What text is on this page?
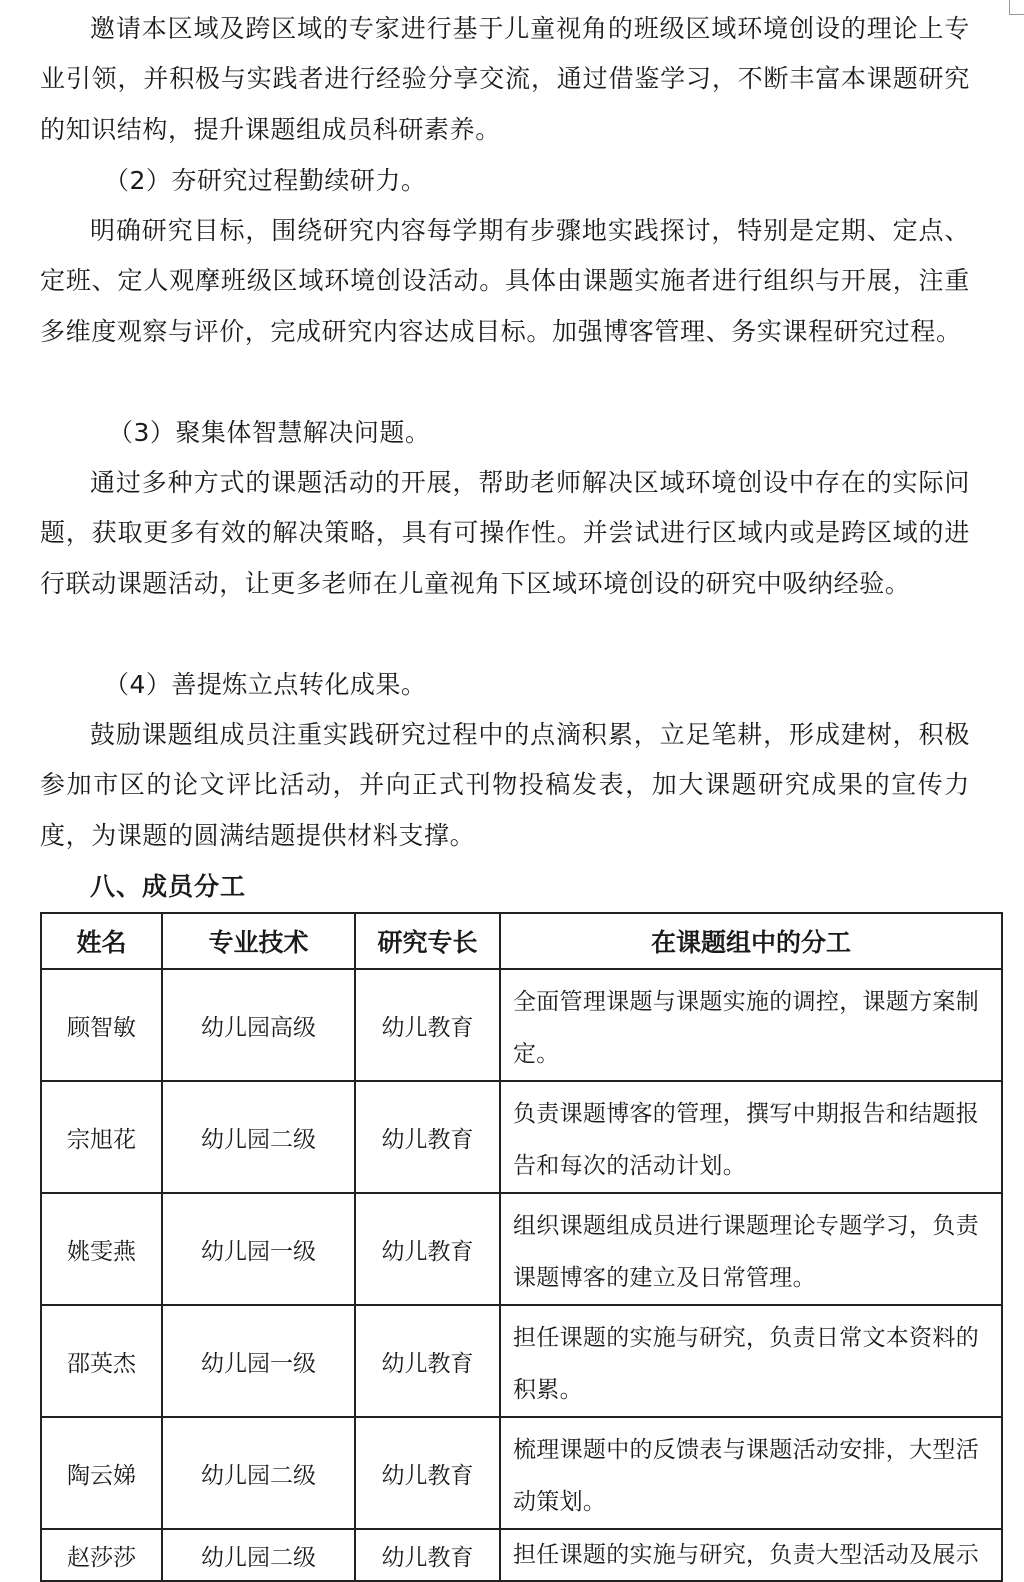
邀请本区域及跨区域的专家进行基于儿童视角的班级区域环境创设的理论上专业引领，并积极与实践者进行经验分享交流，通过借鉴学习，不断丰富本课题研究的知识结构，提升课题组成员科研素养。

（2）夯研究过程勤续研力。

明确研究目标，围绕研究内容每学期有步骤地实践探讨，特别是定期、定点、定班、定人观摩班级区域环境创设活动。具体由课题实施者进行组织与开展，注重多维度观察与评价，完成研究内容达成目标。加强博客管理、务实课程研究过程。

（3）聚集体智慧解决问题。

通过多种方式的课题活动的开展，帮助老师解决区域环境创设中存在的实际问题，获取更多有效的解决策略，具有可操作性。并尝试进行区域内或是跨区域的进行联动课题活动，让更多老师在儿童视角下区域环境创设的研究中吸纳经验。

（4）善提炼立点转化成果。

鼓励课题组成员注重实践研究过程中的点滴积累，立足笔耕，形成建树，积极参加市区的论文评比活动，并向正式刊物投稿发表，加大课题研究成果的宣传力度，为课题的圆满结题提供材料支撑。

八、成员分工
姓名	专业技术	研究专长	在课题组中的分工
顾智敏	幼儿园高级	幼儿教育	全面管理课题与课题实施的调控，课题方案制定。
宗旭花	幼儿园二级	幼儿教育	负责课题博客的管理，撰写中期报告和结题报告和每次的活动计划。
姚雯燕	幼儿园一级	幼儿教育	组织课题组成员进行课题理论专题学习，负责课题博客的建立及日常管理。
邵英杰	幼儿园一级	幼儿教育	担任课题的实施与研究，负责日常文本资料的积累。
陶云娣	幼儿园二级	幼儿教育	梳理课题中的反馈表与课题活动安排，大型活动策划。
赵莎莎	幼儿园二级	幼儿教育	担任课题的实施与研究，负责大型活动及展示
